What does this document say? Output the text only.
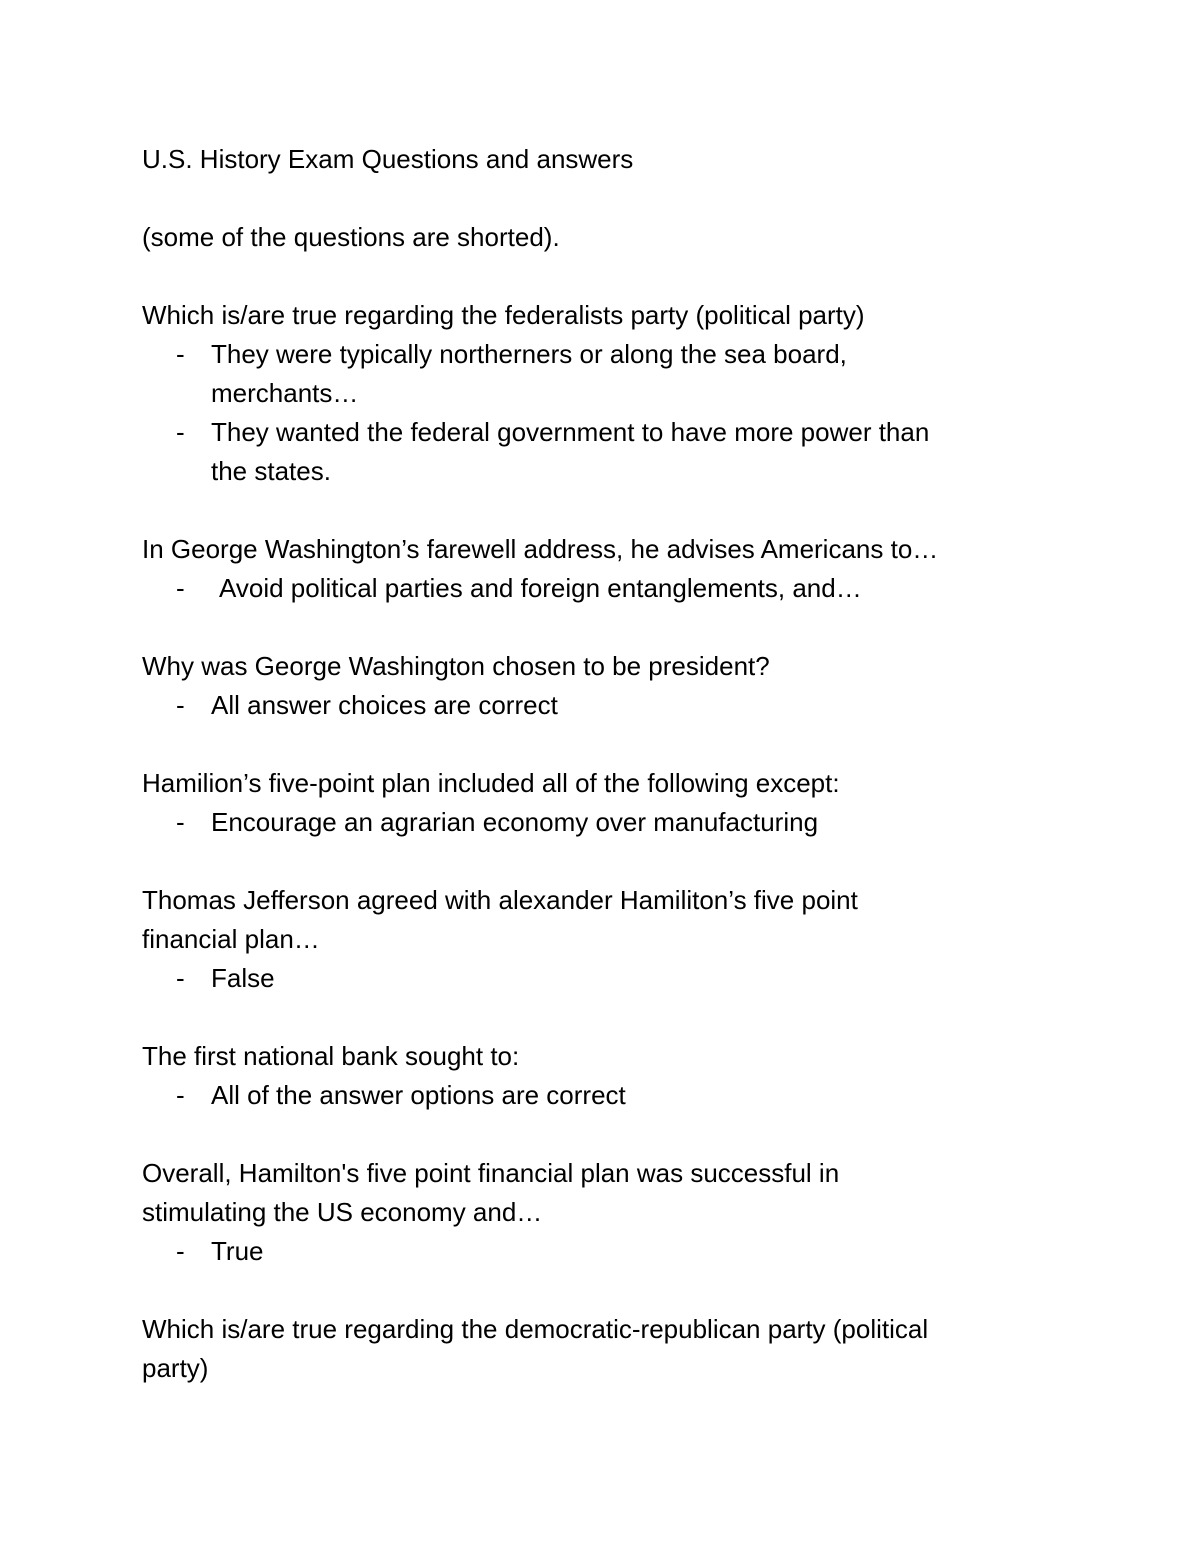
U.S. History Exam Questions and answers

(some of the questions are shorted).

Which is/are true regarding the federalists party (political party)

- They were typically northerners or along the sea board,
merchants…
- They wanted the federal government to have more power than
the states.

In George Washington’s farewell address, he advises Americans to…

-	Avoid political parties and foreign entanglements, and…

Why was George Washington chosen to be president?

- All answer choices are correct

Hamilion’s five-point plan included all of the following except:

- Encourage an agrarian economy over manufacturing

Thomas Jefferson agreed with alexander Hamiliton’s five point

financial plan…

- False

The first national bank sought to:

- All of the answer options are correct

Overall, Hamilton's five point financial plan was successful in

stimulating the US economy and…

- True

Which is/are true regarding the democratic-republican party (political

party)
